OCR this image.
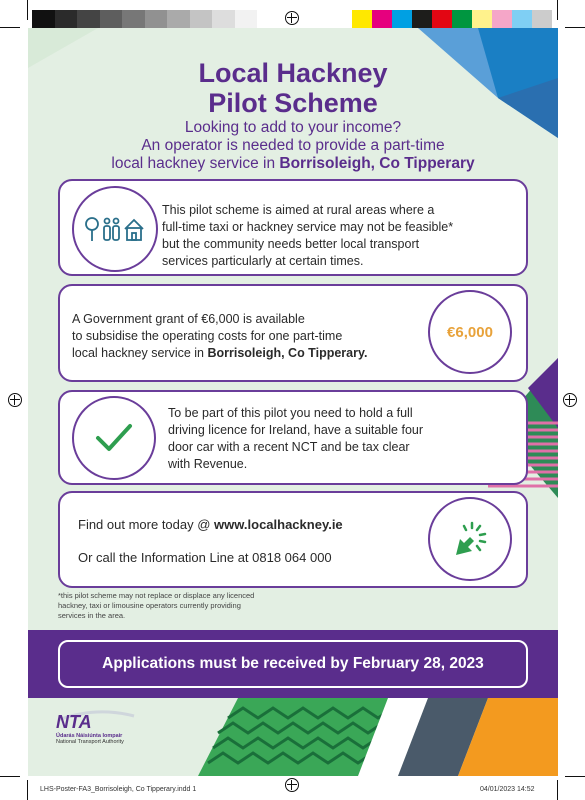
Local Hackney
Pilot Scheme
Looking to add to your income?
An operator is needed to provide a part-time
local hackney service in Borrisoleigh, Co Tipperary
This pilot scheme is aimed at rural areas where a
full-time taxi or hackney service may not be feasible*
but the community needs better local transport
services particularly at certain times.
A Government grant of €6,000 is available
to subsidise the operating costs for one part-time
local hackney service in Borrisoleigh, Co Tipperary.
€6,000
To be part of this pilot you need to hold a full
driving licence for Ireland, have a suitable four
door car with a recent NCT and be tax clear
with Revenue.
Find out more today @ www.localhackney.ie
Or call the Information Line at 0818 064 000
*this pilot scheme may not replace or displace any licenced
hackney, taxi or limousine operators currently providing
services in the area.
Applications must be received by February 28, 2023
NTA
Údarás Náisiúnta Iompair
National Transport Authority
LHS-Poster-FA3_Borrisoleigh, Co Tipperary.indd 1	04/01/2023 14:52
